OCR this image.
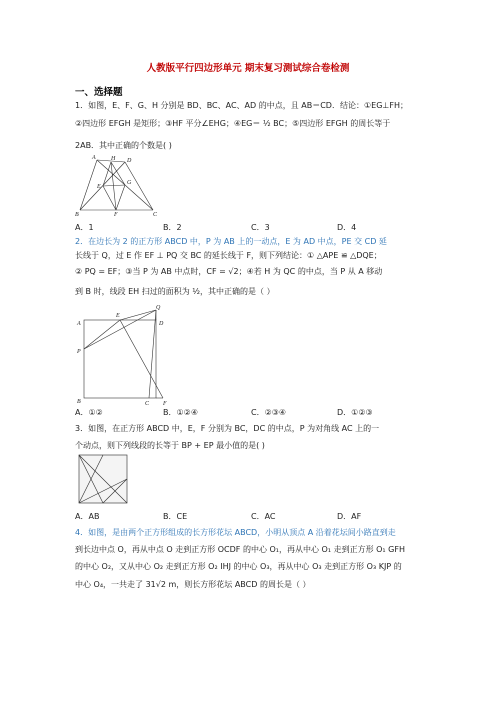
人教版平行四边形单元 期末复习测试综合卷检测
一、选择题
1．如图，E、F、G、H 分别是 BD、BC、AC、AD 的中点，且 AB＝CD．结论：①EG⊥FH；
②四边形 EFGH 是矩形；③HF 平分∠EHG；④EG＝ ½ BC；⑤四边形 EFGH 的周长等于
2AB．其中正确的个数是( )
A	H D
E
G
B	F	C
A．1	B．2	C．3	D．4
2．在边长为 2 的正方形 ABCD 中，P 为 AB 上的一动点，E 为 AD 中点，PE 交 CD 延
长线于 Q，过 E 作 EF ⊥ PQ 交 BC 的延长线于 F，则下列结论：① △APE ≌ △DQE；
② PQ = EF；③当 P 为 AB 中点时，CF = √2；④若 H 为 QC 的中点，当 P 从 A 移动
到 B 时，线段 EH 扫过的面积为 ½，其中正确的是（ ）
Q
A
E
D
P
B	C F
A．①②	B．①②④	C．②③④	D．①②③
3．如图，在正方形 ABCD 中，E，F 分别为 BC，DC 的中点，P 为对角线 AC 上的一
个动点，则下列线段的长等于 BP + EP 最小值的是( )
A．AB	B．CE	C．AC	D．AF
4．如图，是由两个正方形组成的长方形花坛 ABCD，小明从顶点 A 沿着花坛间小路直到走
到长边中点 O，再从中点 O 走到正方形 OCDF 的中心 O₁，再从中心 O₁ 走到正方形 O₁ GFH
的中心 O₂，又从中心 O₂ 走到正方形 O₂ IHJ 的中心 O₃，再从中心 O₃ 走到正方形 O₃ KJP 的
中心 O₄，一共走了 31√2 m，则长方形花坛 ABCD 的周长是（ ）
